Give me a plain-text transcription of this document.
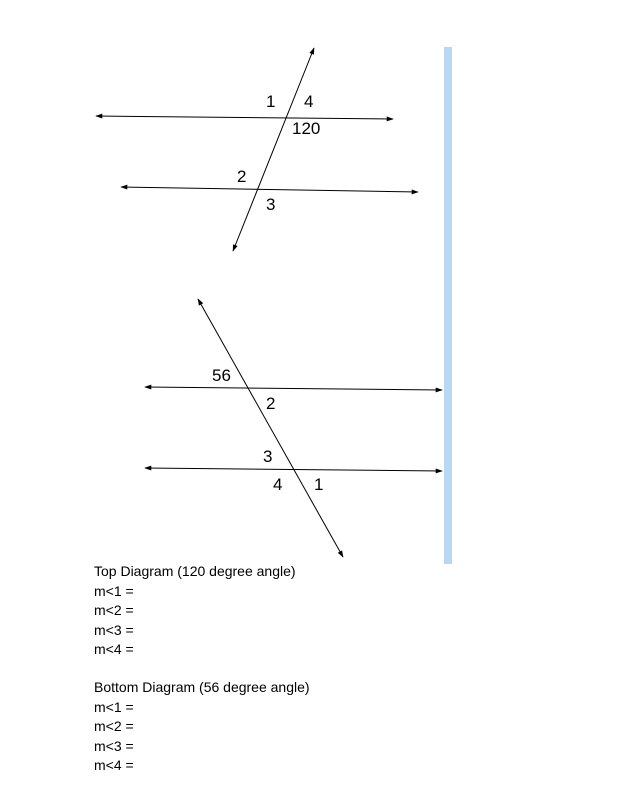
1 4
120
2
3
56
2
3
4 1
Top Diagram (120 degree angle)
m<1 =
m<2 =
m<3 =
m<4 =
Bottom Diagram (56 degree angle)
m<1 =
m<2 =
m<3 =
m<4 =
